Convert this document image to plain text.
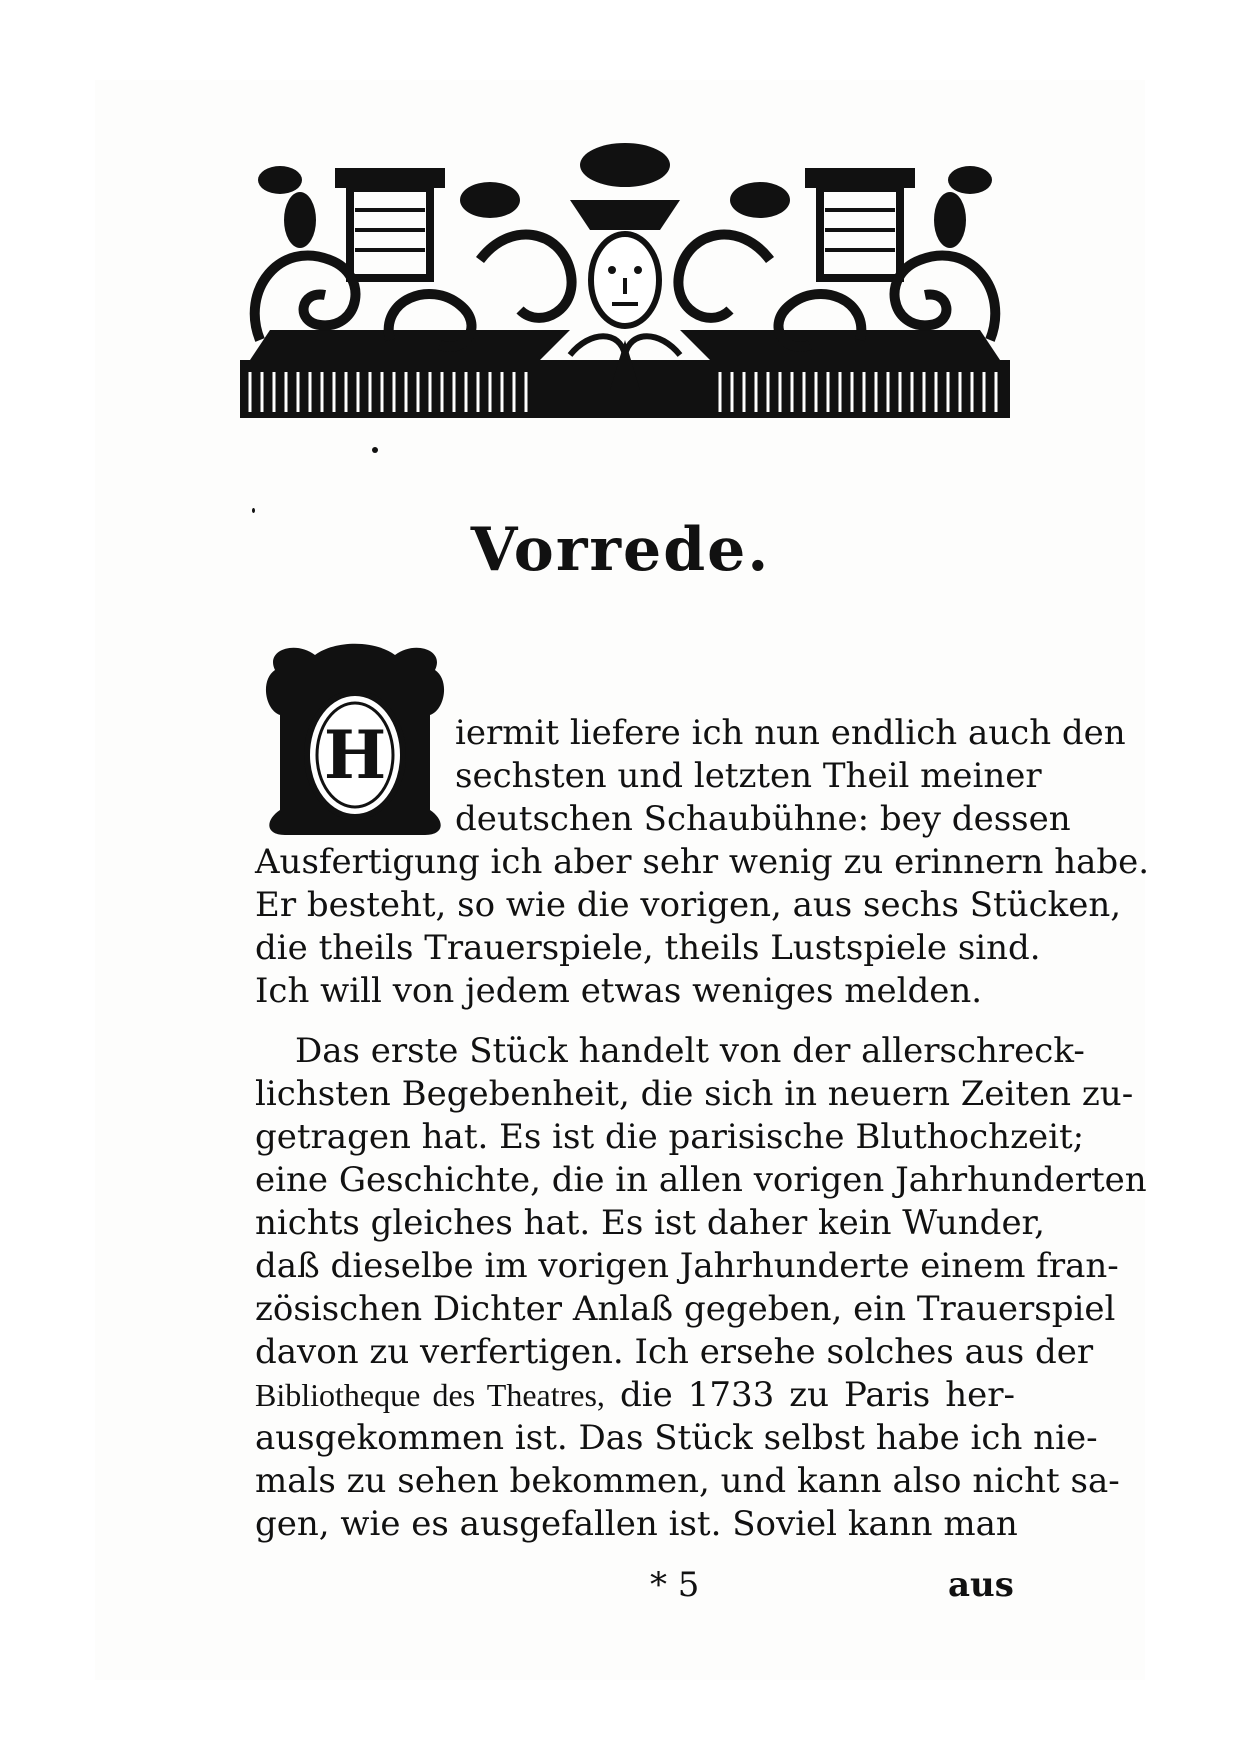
Vorrede.
H iermit liefere ich nun endlich auch den
sechsten und letzten Theil meiner
deutschen Schaubühne: bey dessen
Ausfertigung ich aber sehr wenig zu erinnern habe.
Er besteht, so wie die vorigen, aus sechs Stücken,
die theils Trauerspiele, theils Lustspiele sind.
Ich will von jedem etwas weniges melden.
Das erste Stück handelt von der allerschreck-
lichsten Begebenheit, die sich in neuern Zeiten zu-
getragen hat. Es ist die parisische Bluthochzeit;
eine Geschichte, die in allen vorigen Jahrhunderten
nichts gleiches hat. Es ist daher kein Wunder,
daß dieselbe im vorigen Jahrhunderte einem fran-
zösischen Dichter Anlaß gegeben, ein Trauerspiel
davon zu verfertigen. Ich ersehe solches aus der
Bibliotheque des Theatres, die 1733 zu Paris her-
ausgekommen ist. Das Stück selbst habe ich nie-
mals zu sehen bekommen, und kann also nicht sa-
gen, wie es ausgefallen ist. Soviel kann man
* 5	aus
